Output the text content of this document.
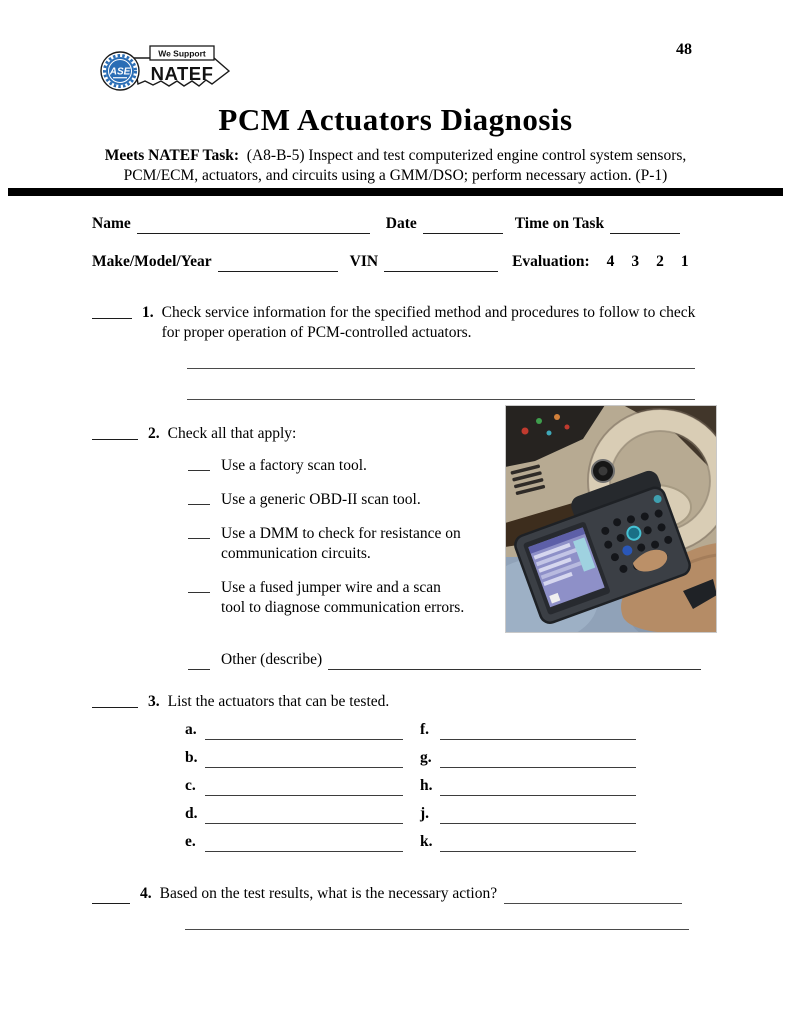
ASE
We Support
NATEF
48
PCM Actuators Diagnosis

Meets NATEF Task: (A8-B-5) Inspect and test computerized engine control system sensors, PCM/ECM, actuators, and circuits using a GMM/DSO; perform necessary action. (P-1)

Name	Date	Time on Task
Make/Model/Year	VIN	Evaluation: 4 3 2 1
1. Check service information for the specified method and procedures to follow to check for proper operation of PCM-controlled actuators.
2. Check all that apply:
Use a factory scan tool.
Use a generic OBD-II scan tool.
Use a DMM to check for resistance on communication circuits.
Use a fused jumper wire and a scan tool to diagnose communication errors.
Other (describe)
3. List the actuators that can be tested.
a.	f.
b.	g.
c.	h.
d.	j.
e.	k.
4. Based on the test results, what is the necessary action?
